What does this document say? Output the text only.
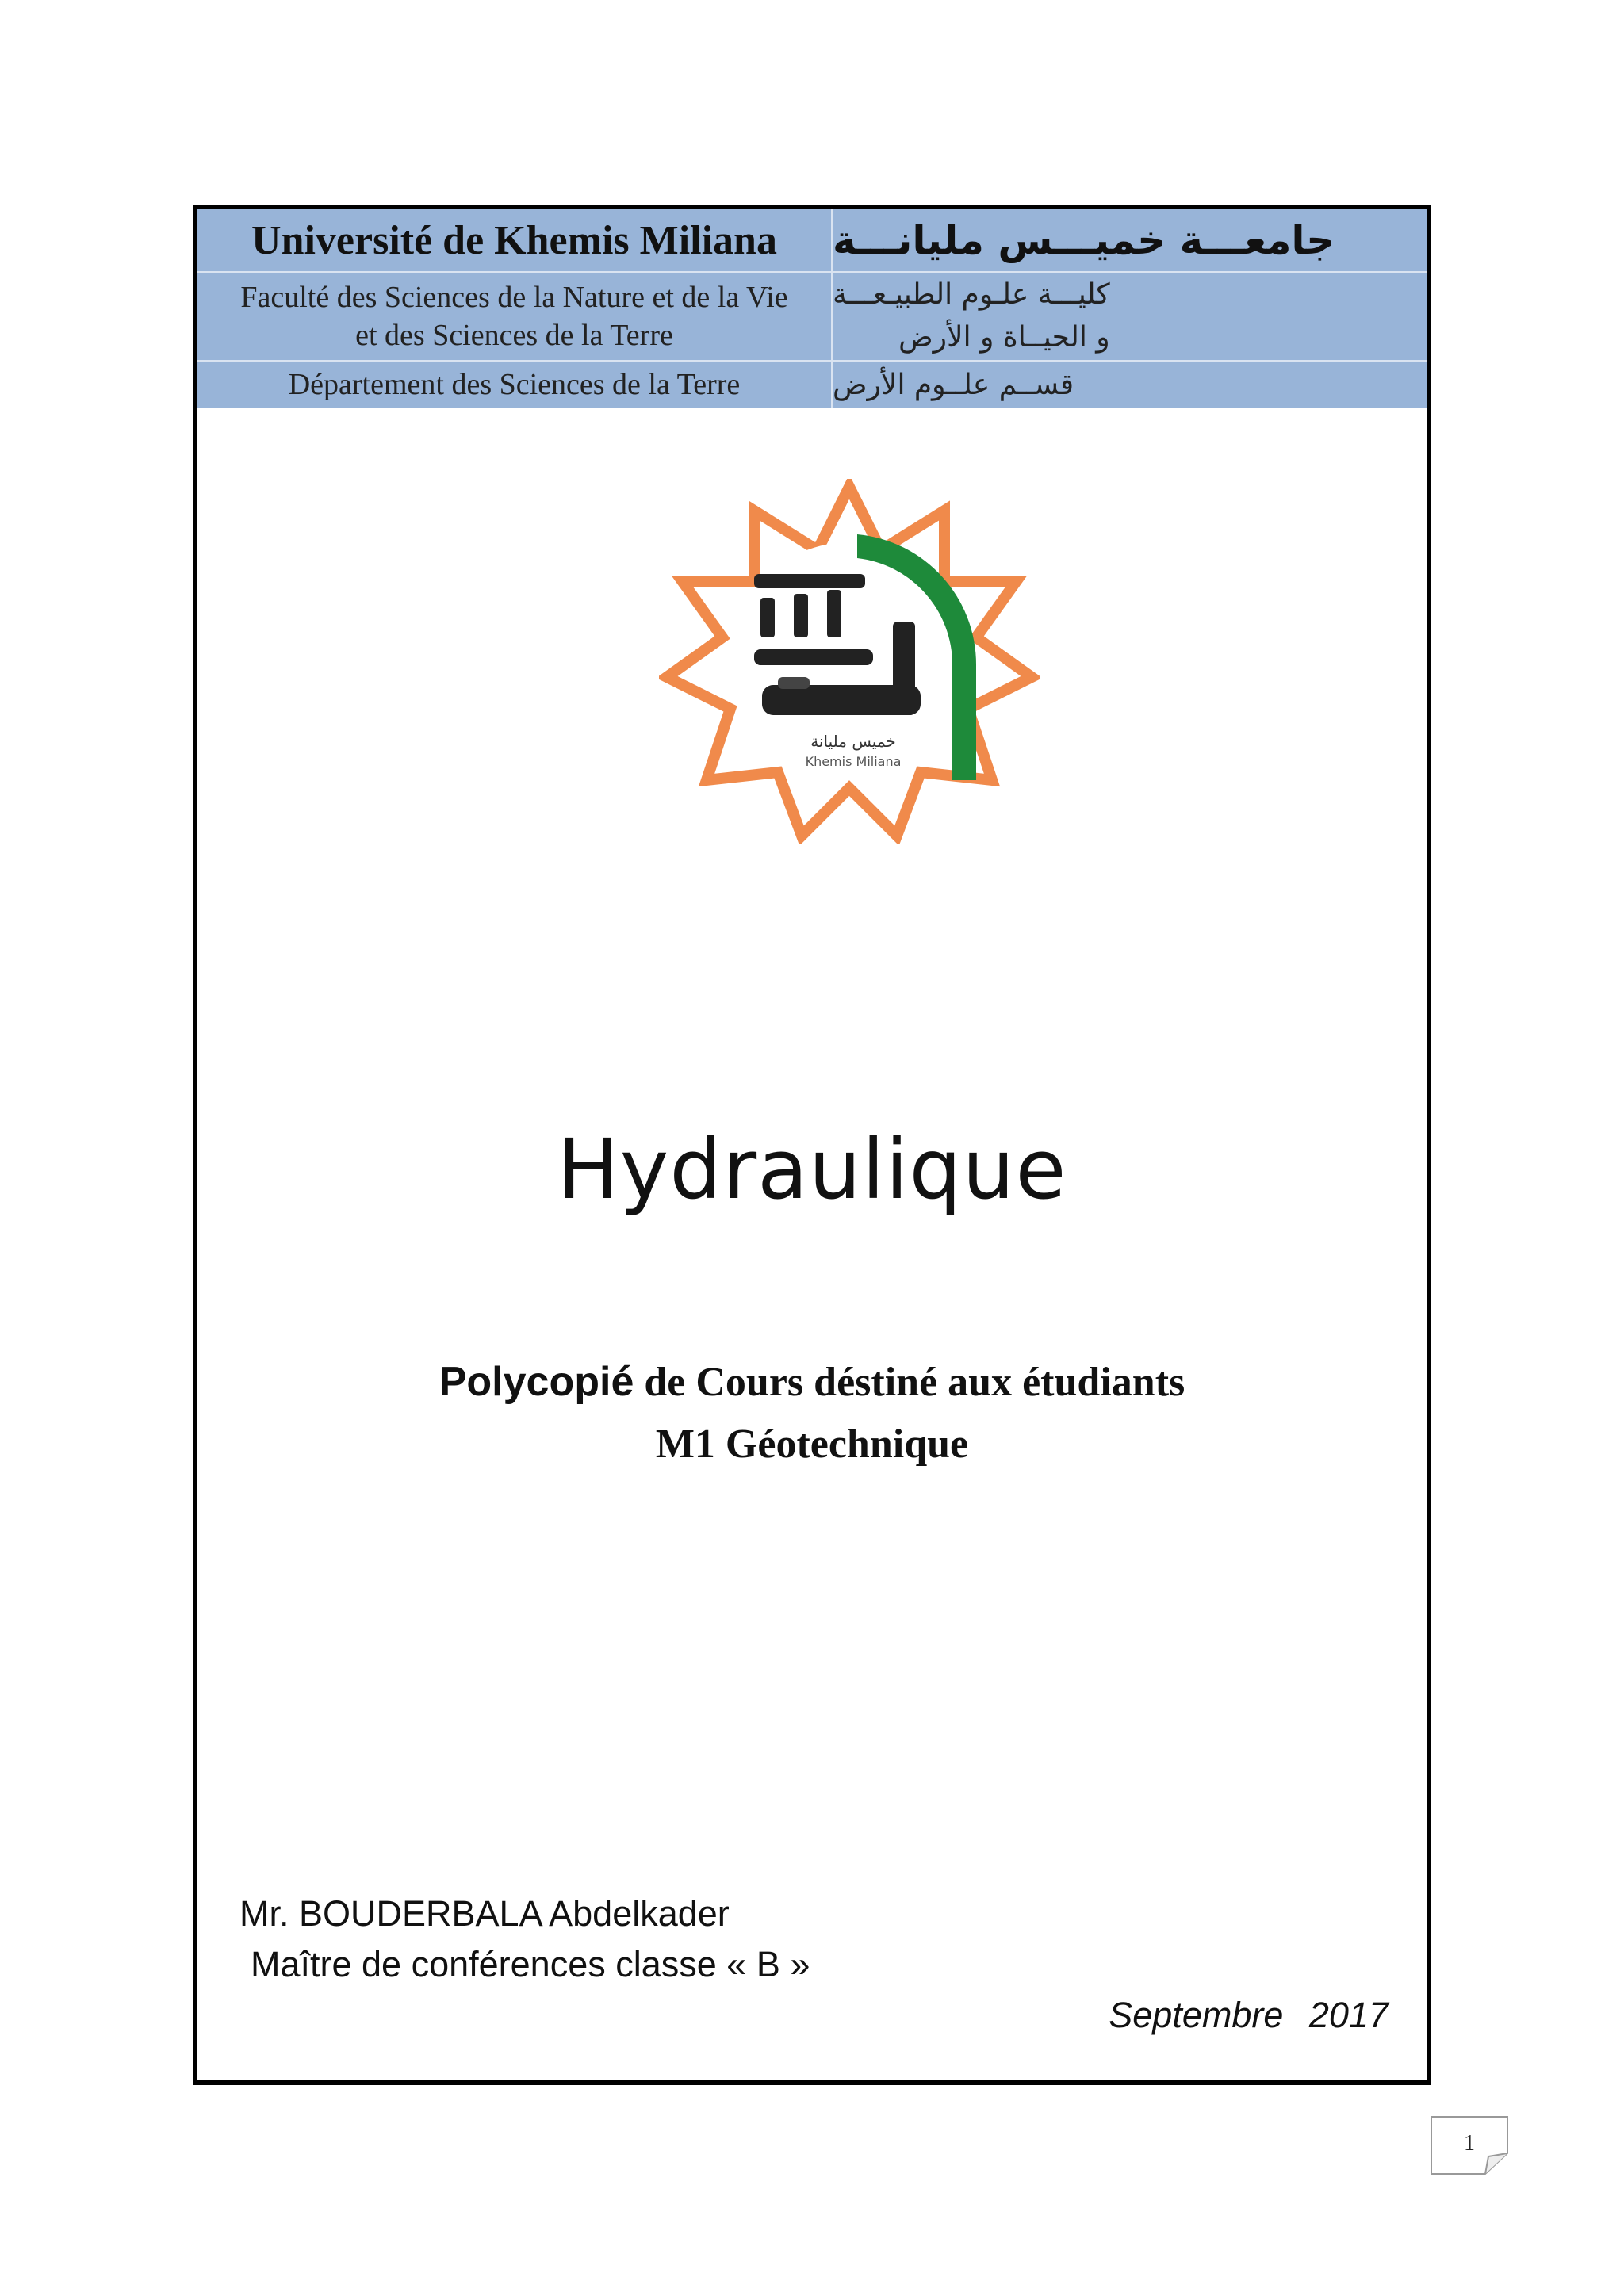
Université de Khemis Miliana جامعـــة خميـــس مليانـــة
Faculté des Sciences de la Nature et de la Vie
et des Sciences de la Terre
كليـــة علـوم الطبيـعـــة
و الحيــاة و الأرض
Département des Sciences de la Terre	قســم علــوم الأرض
خميس مليانة
Khemis Miliana
Hydraulique
Polycopié de Cours déstiné aux étudiants
M1 Géotechnique
Mr. BOUDERBALA Abdelkader
Maître de conférences classe « B »
Septembre 2017
1
